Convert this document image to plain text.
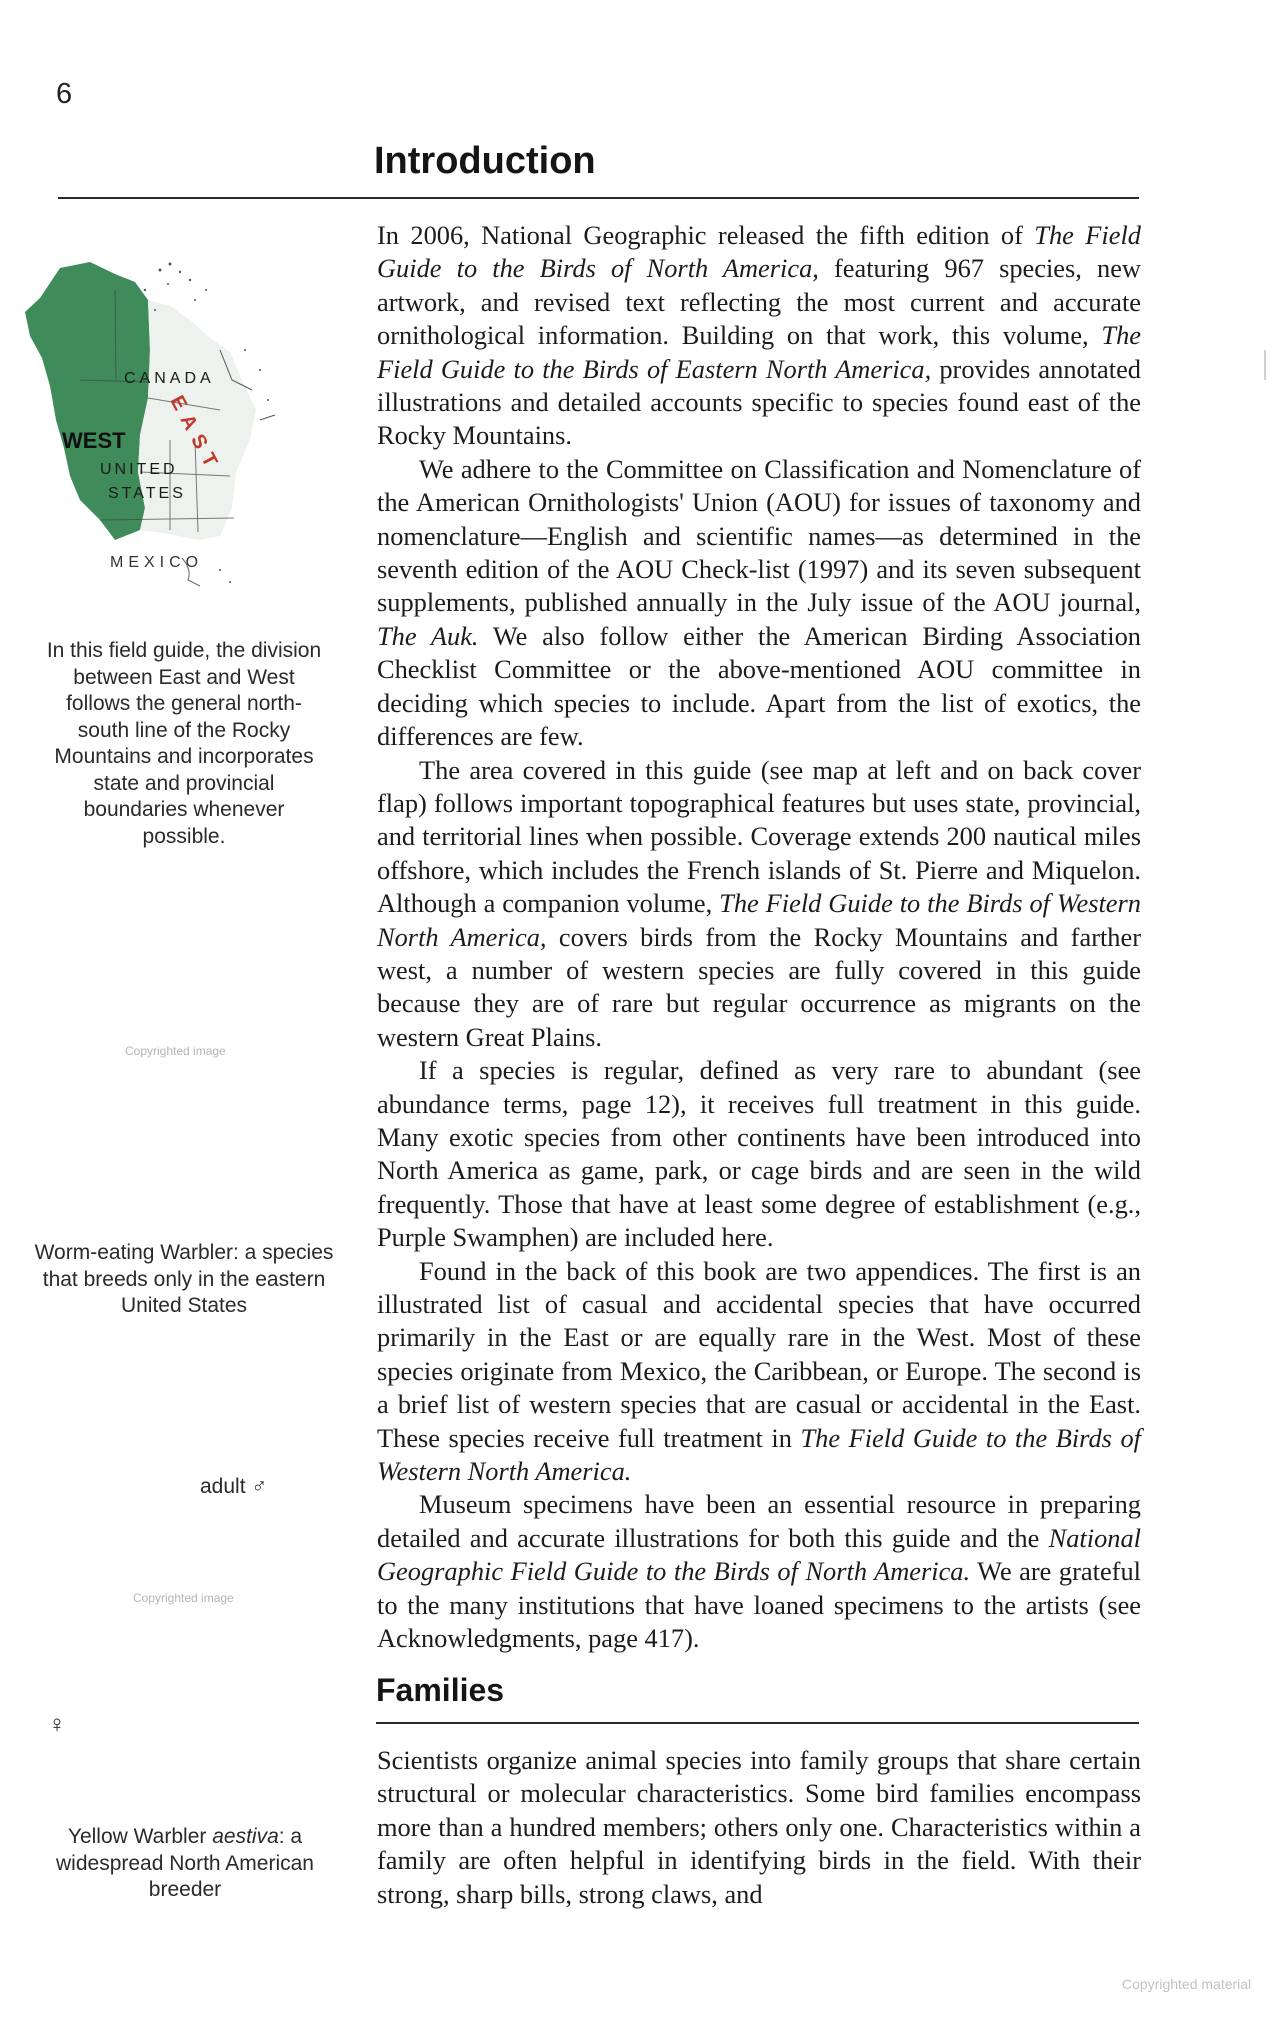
6
Introduction
CANADA
WEST
UNITED
STATES
EAST
MEXICO
In this field guide, the division between East and West follows the general north-south line of the Rocky Mountains and incorporates state and provincial boundaries whenever possible.
Copyrighted image
Worm-eating Warbler: a species that breeds only in the eastern United States
adult ♂
Copyrighted image
♀
Yellow Warbler aestiva: a widespread North American breeder

In 2006, National Geographic released the fifth edition of The Field Guide to the Birds of North America, featuring 967 species, new artwork, and revised text reflecting the most current and accurate ornithological information. Building on that work, this volume, The Field Guide to the Birds of Eastern North America, provides annotated illustrations and detailed accounts specific to species found east of the Rocky Mountains.

We adhere to the Committee on Classification and Nomenclature of the American Ornithologists' Union (AOU) for issues of taxonomy and nomenclature—English and scientific names—as determined in the seventh edition of the AOU Check-list (1997) and its seven subsequent supplements, published annually in the July issue of the AOU journal, The Auk. We also follow either the American Birding Association Checklist Committee or the above-mentioned AOU committee in deciding which species to include. Apart from the list of exotics, the differences are few.

The area covered in this guide (see map at left and on back cover flap) follows important topographical features but uses state, provincial, and territorial lines when possible. Coverage extends 200 nautical miles offshore, which includes the French islands of St. Pierre and Miquelon. Although a companion volume, The Field Guide to the Birds of Western North America, covers birds from the Rocky Mountains and farther west, a number of western species are fully covered in this guide because they are of rare but regular occurrence as migrants on the western Great Plains.

If a species is regular, defined as very rare to abundant (see abundance terms, page 12), it receives full treatment in this guide. Many exotic species from other continents have been introduced into North America as game, park, or cage birds and are seen in the wild frequently. Those that have at least some degree of establishment (e.g., Purple Swamphen) are included here.

Found in the back of this book are two appendices. The first is an illustrated list of casual and accidental species that have occurred primarily in the East or are equally rare in the West. Most of these species originate from Mexico, the Caribbean, or Europe. The second is a brief list of western species that are casual or accidental in the East. These species receive full treatment in The Field Guide to the Birds of Western North America.

Museum specimens have been an essential resource in preparing detailed and accurate illustrations for both this guide and the National Geographic Field Guide to the Birds of North America. We are grateful to the many institutions that have loaned specimens to the artists (see Acknowledgments, page 417).

Families

Scientists organize animal species into family groups that share certain structural or molecular characteristics. Some bird families encompass more than a hundred members; others only one. Characteristics within a family are often helpful in identifying birds in the field. With their strong, sharp bills, strong claws, and

Copyrighted material
